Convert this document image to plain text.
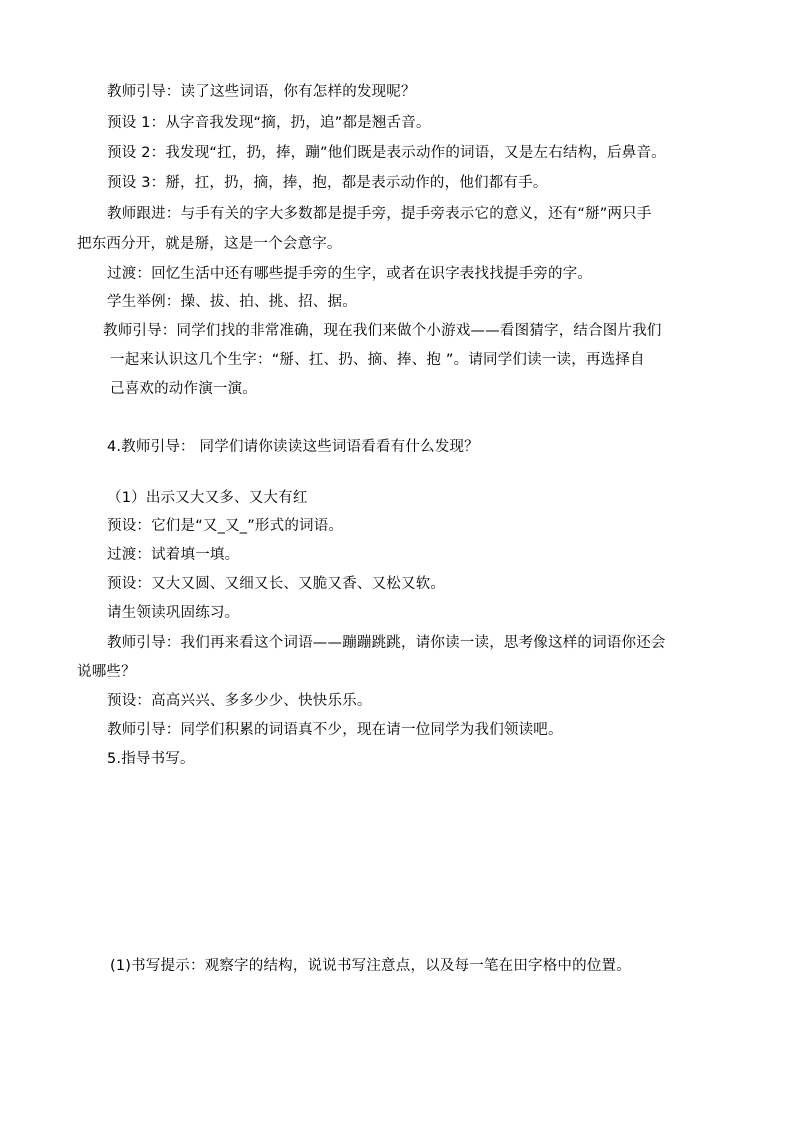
教师引导：读了这些词语，你有怎样的发现呢？
预设 1：从字音我发现“摘，扔，追”都是翘舌音。
预设 2：我发现“扛，扔，捧，蹦”他们既是表示动作的词语，又是左右结构，后鼻音。
预设 3：掰，扛，扔，摘，捧，抱，都是表示动作的，他们都有手。
教师跟进：与手有关的字大多数都是提手旁，提手旁表示它的意义，还有“掰”两只手
把东西分开，就是掰，这是一个会意字。
过渡：回忆生活中还有哪些提手旁的生字，或者在识字表找找提手旁的字。
学生举例：操、拔、拍、挑、招、据。
教师引导：同学们找的非常准确，现在我们来做个小游戏——看图猜字，结合图片我们
一起来认识这几个生字：“掰、扛、扔、摘、捧、抱 ”。请同学们读一读，再选择自
己喜欢的动作演一演。
4.教师引导： 同学们请你读读这些词语看看有什么发现？
（1）出示又大又多、又大有红
预设：它们是“又_又_”形式的词语。
过渡：试着填一填。
预设：又大又圆、又细又长、又脆又香、又松又软。
请生领读巩固练习。
教师引导：我们再来看这个词语——蹦蹦跳跳，请你读一读，思考像这样的词语你还会
说哪些？
预设：高高兴兴、多多少少、快快乐乐。
教师引导：同学们积累的词语真不少，现在请一位同学为我们领读吧。
5.指导书写。
(1)书写提示：观察字的结构，说说书写注意点，以及每一笔在田字格中的位置。
